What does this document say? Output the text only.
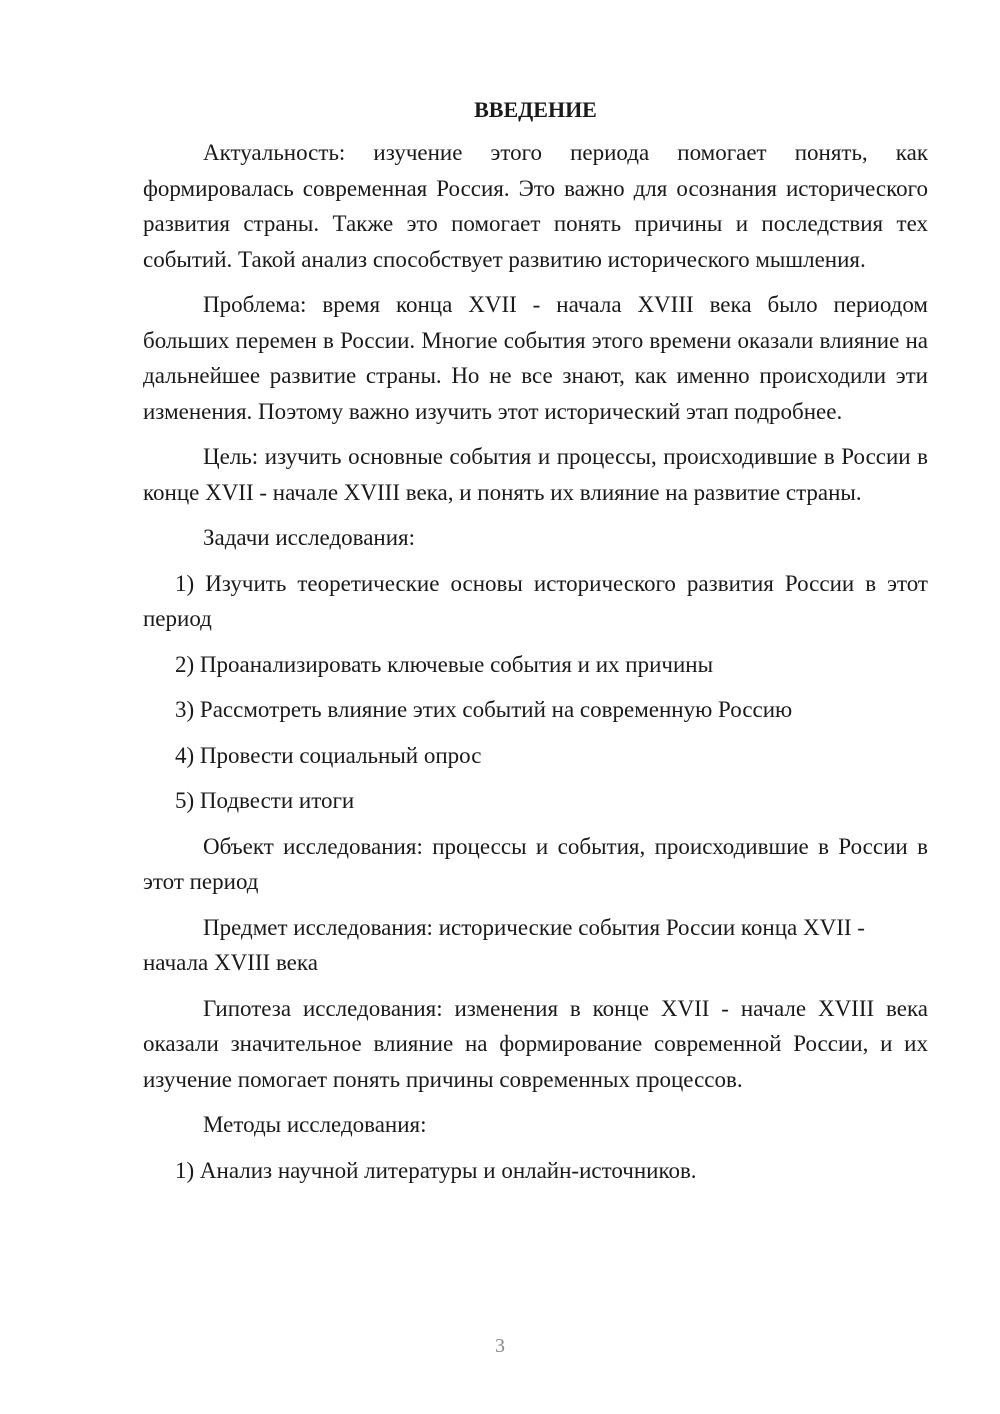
ВВЕДЕНИЕ

Актуальность: изучение этого периода помогает понять, как формировалась современная Россия. Это важно для осознания исторического развития страны. Также это помогает понять причины и последствия тех событий. Такой анализ способствует развитию исторического мышления.

Проблема: время конца XVII - начала XVIII века было периодом больших перемен в России. Многие события этого времени оказали влияние на дальнейшее развитие страны. Но не все знают, как именно происходили эти изменения. Поэтому важно изучить этот исторический этап подробнее.

Цель: изучить основные события и процессы, происходившие в России в конце XVII - начале XVIII века, и понять их влияние на развитие страны.

Задачи исследования:

1) Изучить теоретические основы исторического развития России в этот период
2) Проанализировать ключевые события и их причины
3) Рассмотреть влияние этих событий на современную Россию
4) Провести социальный опрос
5) Подвести итоги

Объект исследования: процессы и события, происходившие в России в этот период

Предмет исследования: исторические события России конца XVII - начала XVIII века

Гипотеза исследования: изменения в конце XVII - начале XVIII века оказали значительное влияние на формирование современной России, и их изучение помогает понять причины современных процессов.

Методы исследования:

1) Анализ научной литературы и онлайн-источников.
3
